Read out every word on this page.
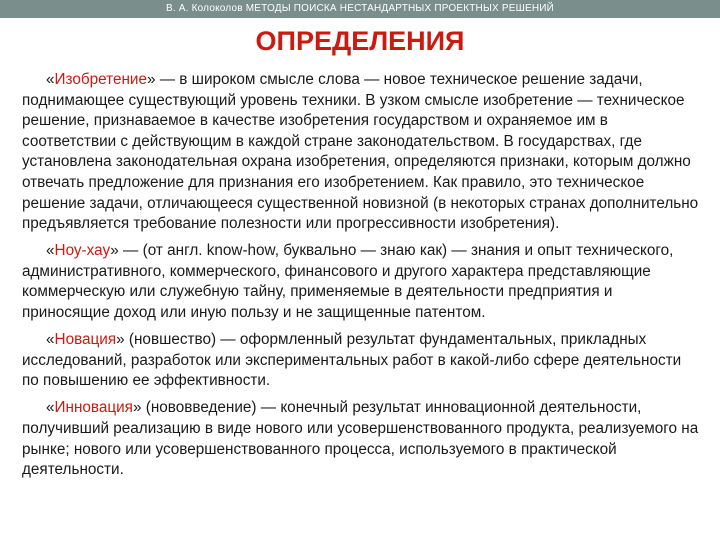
В. А. Колоколов МЕТОДЫ ПОИСКА НЕСТАНДАРТНЫХ ПРОЕКТНЫХ РЕШЕНИЙ
ОПРЕДЕЛЕНИЯ

«Изобретение» — в широком смысле слова — новое техническое решение задачи, поднимающее существующий уровень техники. В узком смысле изобретение — техническое решение, признаваемое в качестве изобретения государством и охраняемое им в соответствии с действующим в каждой стране законодательством. В государствах, где установлена законодательная охрана изобретения, определяются признаки, которым должно отвечать предложение для признания его изобретением. Как правило, это техническое решение задачи, отличающееся существенной новизной (в некоторых странах дополнительно предъявляется требование полезности или прогрессивности изобретения).

«Ноу-хау» — (от англ. know-how, буквально — знаю как) — знания и опыт технического, административного, коммерческого, финансового и другого характера представляющие коммерческую или служебную тайну, применяемые в деятельности предприятия и приносящие доход или иную пользу и не защищенные патентом.

«Новация» (новшество) — оформленный результат фундаментальных, прикладных исследований, разработок или экспериментальных работ в какой-либо сфере деятельности по повышению ее эффективности.

«Инновация» (нововведение) — конечный результат инновационной деятельности, получивший реализацию в виде нового или усовершенствованного продукта, реализуемого на рынке; нового или усовершенствованного процесса, используемого в практической деятельности.
